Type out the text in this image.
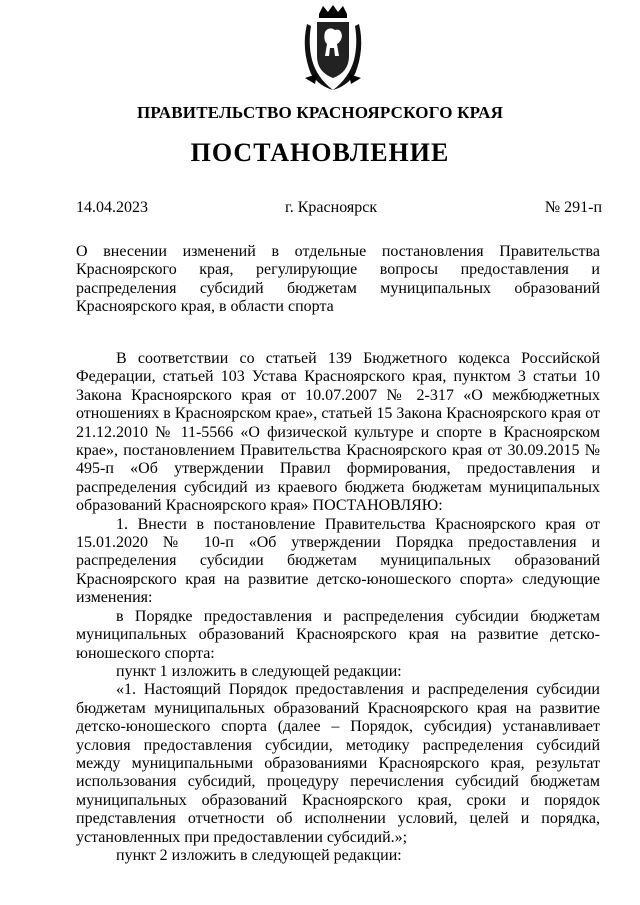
ПРАВИТЕЛЬСТВО КРАСНОЯРСКОГО КРАЯ
ПОСТАНОВЛЕНИЕ
14.04.2023	г. Красноярск	№ 291-п
О внесении изменений в отдельные постановления Правительства Красноярского края, регулирующие вопросы предоставления и распределения субсидий бюджетам муниципальных образований Красноярского края, в области спорта

В соответствии со статьей 139 Бюджетного кодекса Российской Федерации, статьей 103 Устава Красноярского края, пунктом 3 статьи 10 Закона Красноярского края от 10.07.2007 № 2-317 «О межбюджетных отношениях в Красноярском крае», статьей 15 Закона Красноярского края от 21.12.2010 № 11-5566 «О физической культуре и спорте в Красноярском крае», постановлением Правительства Красноярского края от 30.09.2015 № 495-п «Об утверждении Правил формирования, предоставления и распределения субсидий из краевого бюджета бюджетам муниципальных образований Красноярского края» ПОСТАНОВЛЯЮ:

1. Внести в постановление Правительства Красноярского края от 15.01.2020 № 10-п «Об утверждении Порядка предоставления и распределения субсидии бюджетам муниципальных образований Красноярского края на развитие детско-юношеского спорта» следующие изменения:

в Порядке предоставления и распределения субсидии бюджетам муниципальных образований Красноярского края на развитие детско-юношеского спорта:

пункт 1 изложить в следующей редакции:

«1. Настоящий Порядок предоставления и распределения субсидии бюджетам муниципальных образований Красноярского края на развитие детско-юношеского спорта (далее – Порядок, субсидия) устанавливает условия предоставления субсидии, методику распределения субсидий между муниципальными образованиями Красноярского края, результат использования субсидий, процедуру перечисления субсидий бюджетам муниципальных образований Красноярского края, сроки и порядок представления отчетности об исполнении условий, целей и порядка, установленных при предоставлении субсидий.»;

пункт 2 изложить в следующей редакции:
